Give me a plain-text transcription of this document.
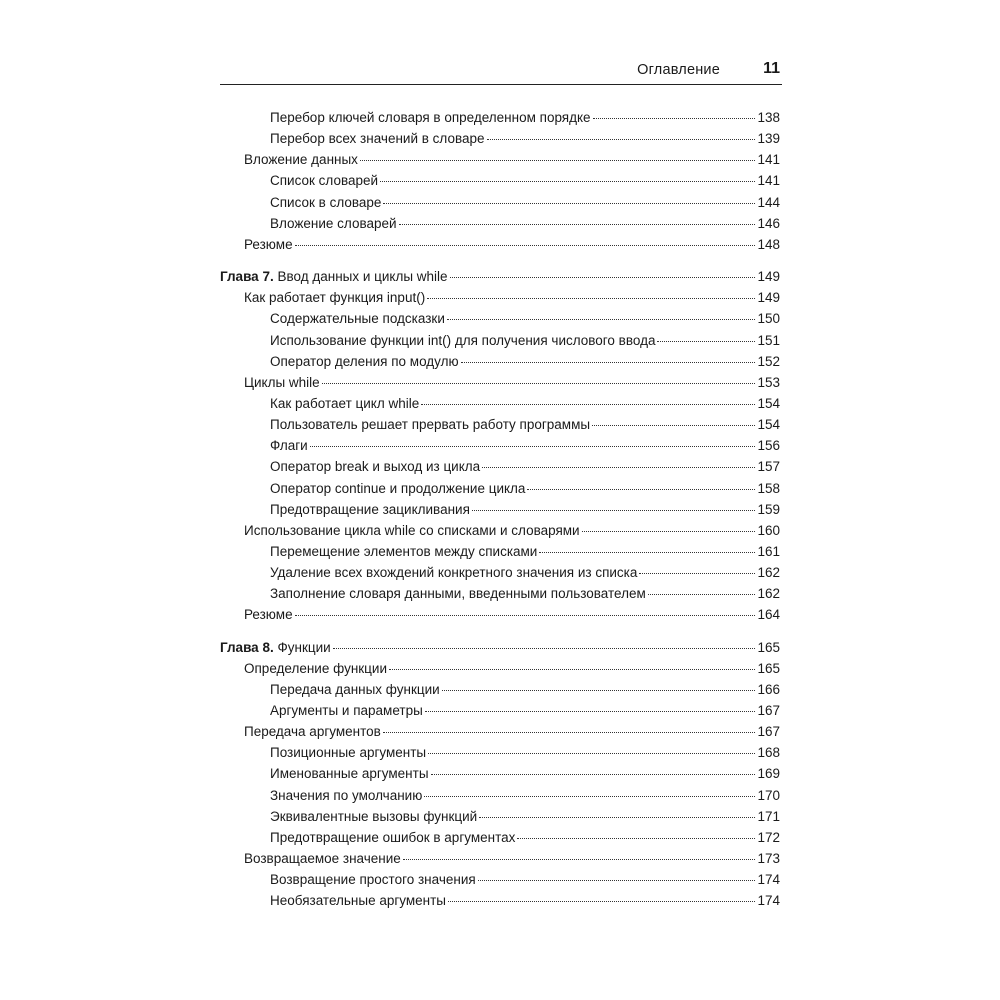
Оглавление	11
Перебор ключей словаря в определенном порядке	138
Перебор всех значений в словаре	139
Вложение данных	141
Список словарей	141
Список в словаре	144
Вложение словарей	146
Резюме	148
Глава 7. Ввод данных и циклы while	149
Как работает функция input()	149
Содержательные подсказки	150
Использование функции int() для получения числового ввода	151
Оператор деления по модулю	152
Циклы while	153
Как работает цикл while	154
Пользователь решает прервать работу программы	154
Флаги	156
Оператор break и выход из цикла	157
Оператор continue и продолжение цикла	158
Предотвращение зацикливания	159
Использование цикла while со списками и словарями	160
Перемещение элементов между списками	161
Удаление всех вхождений конкретного значения из списка	162
Заполнение словаря данными, введенными пользователем	162
Резюме	164
Глава 8. Функции	165
Определение функции	165
Передача данных функции	166
Аргументы и параметры	167
Передача аргументов	167
Позиционные аргументы	168
Именованные аргументы	169
Значения по умолчанию	170
Эквивалентные вызовы функций	171
Предотвращение ошибок в аргументах	172
Возвращаемое значение	173
Возвращение простого значения	174
Необязательные аргументы	174
